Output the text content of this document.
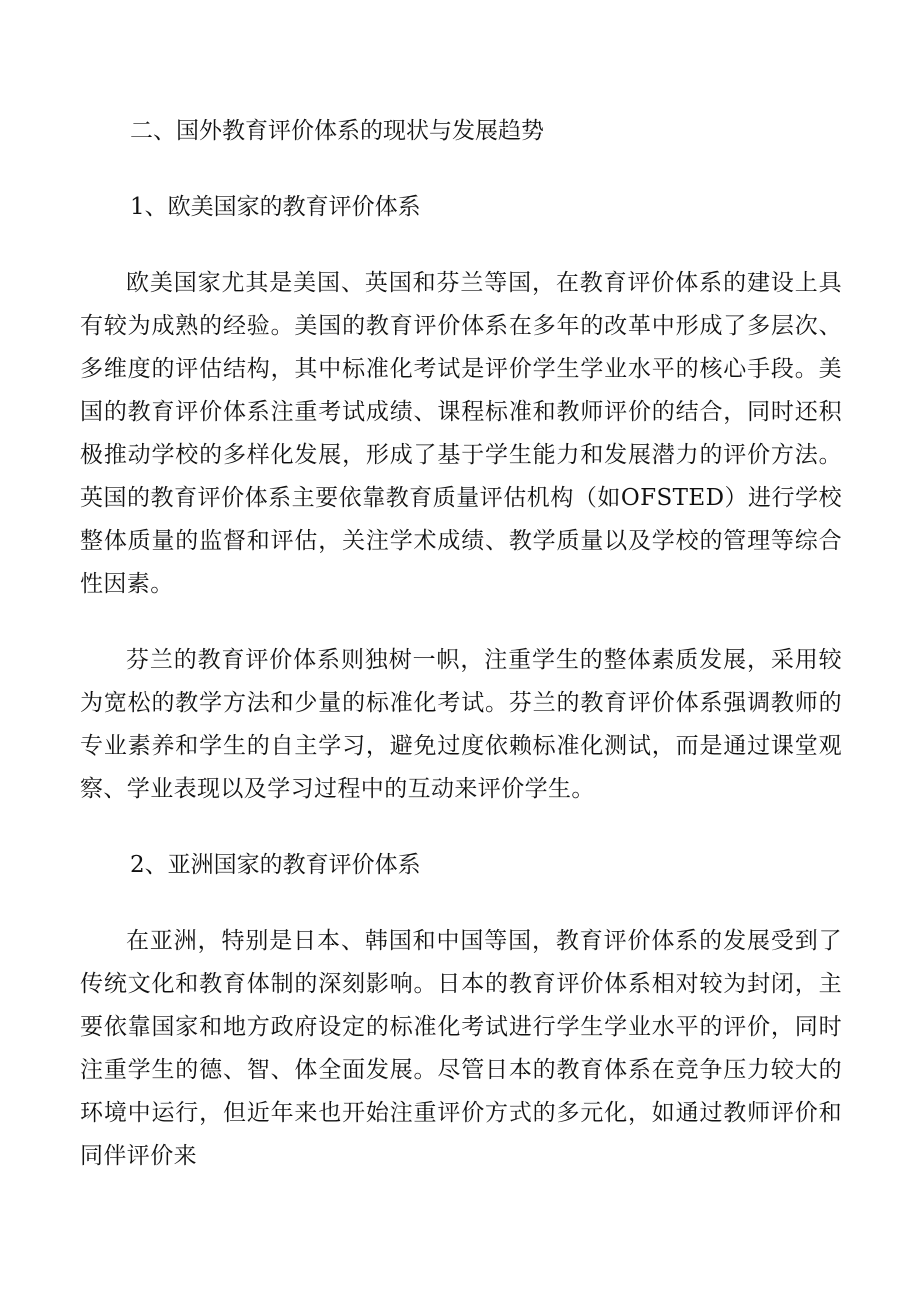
二、国外教育评价体系的现状与发展趋势

1、欧美国家的教育评价体系

欧美国家尤其是美国、英国和芬兰等国，在教育评价体系的建设上具有较为成熟的经验。美国的教育评价体系在多年的改革中形成了多层次、多维度的评估结构，其中标准化考试是评价学生学业水平的核心手段。美国的教育评价体系注重考试成绩、课程标准和教师评价的结合，同时还积极推动学校的多样化发展，形成了基于学生能力和发展潜力的评价方法。英国的教育评价体系主要依靠教育质量评估机构（如OFSTED）进行学校整体质量的监督和评估，关注学术成绩、教学质量以及学校的管理等综合性因素。

芬兰的教育评价体系则独树一帜，注重学生的整体素质发展，采用较为宽松的教学方法和少量的标准化考试。芬兰的教育评价体系强调教师的专业素养和学生的自主学习，避免过度依赖标准化测试，而是通过课堂观察、学业表现以及学习过程中的互动来评价学生。

2、亚洲国家的教育评价体系

在亚洲，特别是日本、韩国和中国等国，教育评价体系的发展受到了传统文化和教育体制的深刻影响。日本的教育评价体系相对较为封闭，主要依靠国家和地方政府设定的标准化考试进行学生学业水平的评价，同时注重学生的德、智、体全面发展。尽管日本的教育体系在竞争压力较大的环境中运行，但近年来也开始注重评价方式的多元化，如通过教师评价和同伴评价来
